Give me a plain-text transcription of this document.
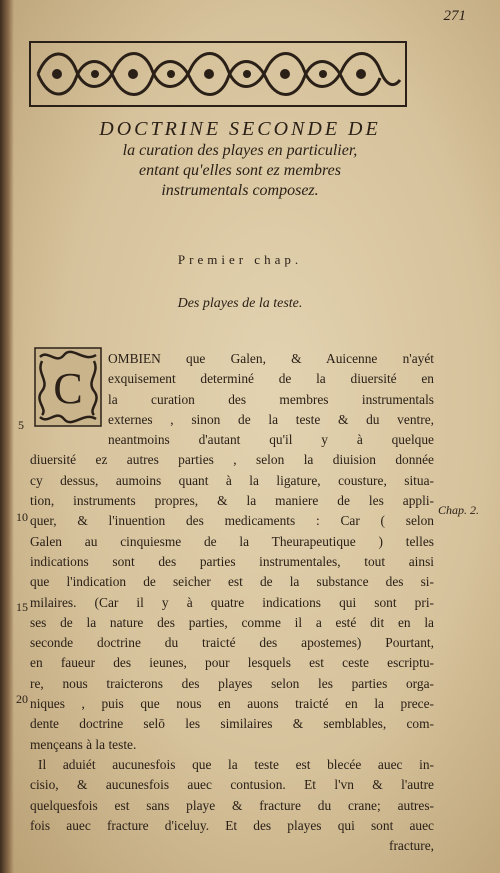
271
DOCTRINE SECONDE DE
la curation des playes en particulier,
entant qu'elles sont ez membres
instrumentals composez.
Premier chap.
Des playes de la teste.
C
OMBIEN que Galen, & Auicenne n'ayét
exquisement determiné de la diuersité en
la curation des membres instrumentals
externes , sinon de la teste & du ventre,
neantmoins d'autant qu'il y à quelque
diuersité ez autres parties , selon la diuision donnée
cy dessus, aumoins quant à la ligature, cousture, situa-
tion, instruments propres, & la maniere de les appli-
quer, & l'inuention des medicaments : Car ( selon
Galen au cinquiesme de la Theurapeutique ) telles
indications sont des parties instrumentales, tout ainsi
que l'indication de seicher est de la substance des si-
milaires. (Car il y à quatre indications qui sont pri-
ses de la nature des parties, comme il a esté dit en la
seconde doctrine du traicté des apostemes) Pourtant,
en faueur des ieunes, pour lesquels est ceste escriptu-
re, nous traicterons des playes selon les parties orga-
niques , puis que nous en auons traicté en la prece-
dente doctrine selō les similaires & semblables, com-
mençeans à la teste.
Il aduiét aucunesfois que la teste est blecée auec in-
cisio, & aucunesfois auec contusion. Et l'vn & l'autre
quelquesfois est sans playe & fracture du crane; autres-
fois auec fracture d'iceluy. Et des playes qui sont auec
fracture,
5
10
15
20
Chap. 2.
